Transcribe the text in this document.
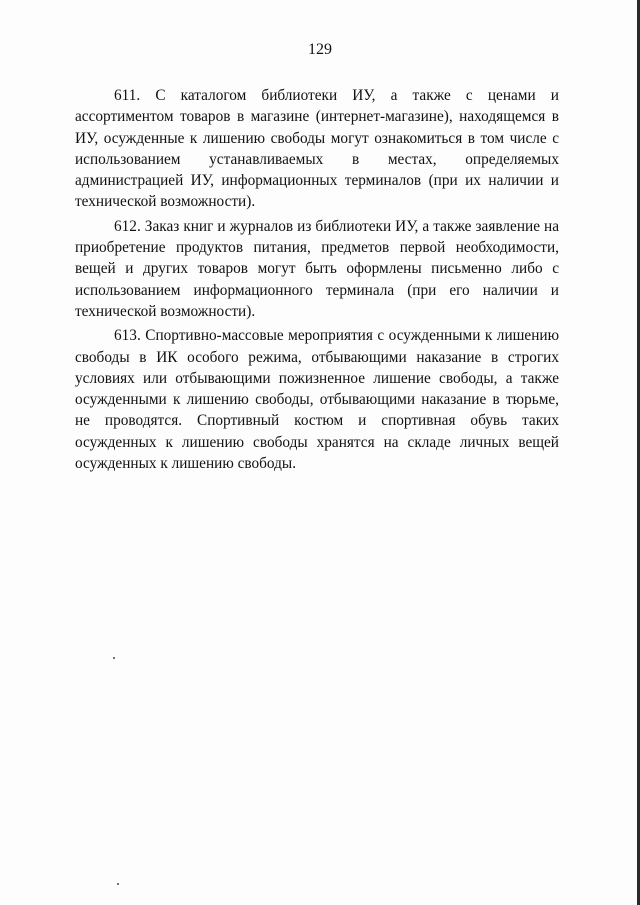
129

611. С каталогом библиотеки ИУ, а также с ценами и ассортиментом товаров в магазине (интернет-магазине), находящемся в ИУ, осужденные к лишению свободы могут ознакомиться в том числе с использованием устанавливаемых в местах, определяемых администрацией ИУ, информационных терминалов (при их наличии и технической возможности).

612. Заказ книг и журналов из библиотеки ИУ, а также заявление на приобретение продуктов питания, предметов первой необходимости, вещей и других товаров могут быть оформлены письменно либо с использованием информационного терминала (при его наличии и технической возможности).

613. Спортивно-массовые мероприятия с осужденными к лишению свободы в ИК особого режима, отбывающими наказание в строгих условиях или отбывающими пожизненное лишение свободы, а также осужденными к лишению свободы, отбывающими наказание в тюрьме, не проводятся. Спортивный костюм и спортивная обувь таких осужденных к лишению свободы хранятся на складе личных вещей осужденных к лишению свободы.
